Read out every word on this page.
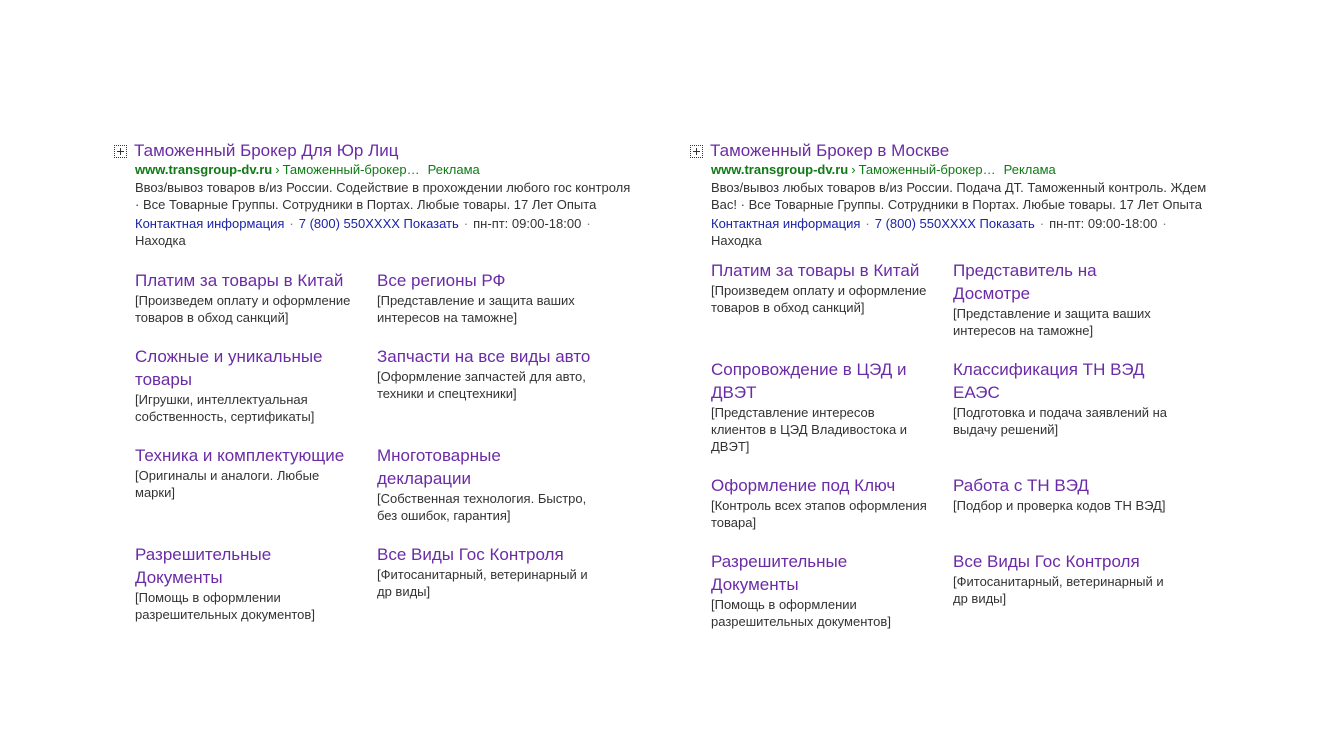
Таможенный Брокер Для Юр Лиц
www.transgroup-dv.ru › Таможенный-брокер… Реклама
Ввоз/вывоз товаров в/из России. Содействие в прохождении любого гос контроля · Все Товарные Группы. Сотрудники в Портах. Любые товары. 17 Лет Опыта
Контактная информация · 7 (800) 550XXXX Показать · пн-пт: 09:00-18:00 ·
Находка
Платим за товары в Китай
[Произведем оплату и оформление товаров в обход санкций]
Все регионы РФ
[Представление и защита ваших интересов на таможне]
Сложные и уникальные товары
[Игрушки, интеллектуальная собственность, сертификаты]
Запчасти на все виды авто
[Оформление запчастей для авто, техники и спецтехники]
Техника и комплектующие
[Оригиналы и аналоги. Любые марки]
Многотоварные декларации
[Собственная технология. Быстро, без ошибок, гарантия]
Разрешительные Документы
[Помощь в оформлении разрешительных документов]
Все Виды Гос Контроля
[Фитосанитарный, ветеринарный и др виды]
Таможенный Брокер в Москве
www.transgroup-dv.ru › Таможенный-брокер… Реклама
Ввоз/вывоз любых товаров в/из России. Подача ДТ. Таможенный контроль. Ждем Вас! · Все Товарные Группы. Сотрудники в Портах. Любые товары. 17 Лет Опыта
Контактная информация · 7 (800) 550XXXX Показать · пн-пт: 09:00-18:00 ·
Находка
Платим за товары в Китай
[Произведем оплату и оформление товаров в обход санкций]
Представитель на Досмотре
[Представление и защита ваших интересов на таможне]
Сопровождение в ЦЭД и ДВЭТ
[Представление интересов клиентов в ЦЭД Владивостока и ДВЭТ]
Классификация ТН ВЭД ЕАЭС
[Подготовка и подача заявлений на выдачу решений]
Оформление под Ключ
[Контроль всех этапов оформления товара]
Работа с ТН ВЭД
[Подбор и проверка кодов ТН ВЭД]
Разрешительные Документы
[Помощь в оформлении разрешительных документов]
Все Виды Гос Контроля
[Фитосанитарный, ветеринарный и др виды]
